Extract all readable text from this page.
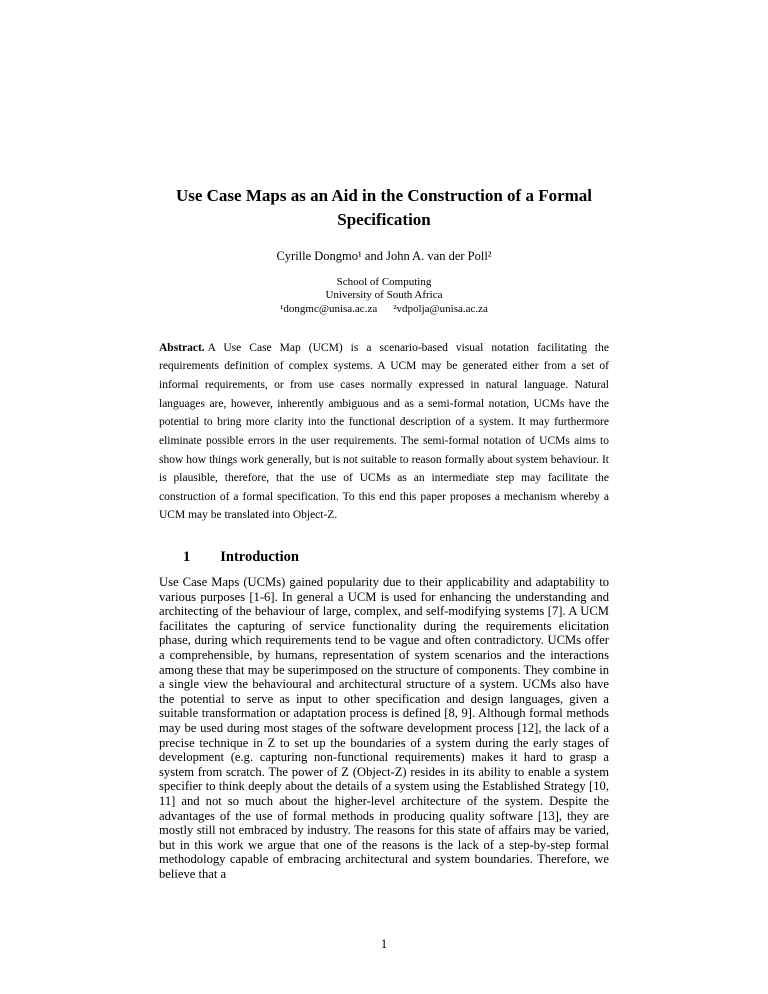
Use Case Maps as an Aid in the Construction of a Formal
Specification
Cyrille Dongmo¹ and John A. van der Poll²
School of Computing
University of South Africa
¹dongmc@unisa.ac.za ²vdpolja@unisa.ac.za

Abstract. A Use Case Map (UCM) is a scenario-based visual notation facilitating the requirements definition of complex systems. A UCM may be generated either from a set of informal requirements, or from use cases normally expressed in natural language. Natural languages are, however, inherently ambiguous and as a semi-formal notation, UCMs have the potential to bring more clarity into the functional description of a system. It may furthermore eliminate possible errors in the user requirements. The semi-formal notation of UCMs aims to show how things work generally, but is not suitable to reason formally about system behaviour. It is plausible, therefore, that the use of UCMs as an intermediate step may facilitate the construction of a formal specification. To this end this paper proposes a mechanism whereby a UCM may be translated into Object-Z.

1 Introduction

Use Case Maps (UCMs) gained popularity due to their applicability and adaptability to various purposes [1-6]. In general a UCM is used for enhancing the understanding and architecting of the behaviour of large, complex, and self-modifying systems [7]. A UCM facilitates the capturing of service functionality during the requirements elicitation phase, during which requirements tend to be vague and often contradictory. UCMs offer a comprehensible, by humans, representation of system scenarios and the interactions among these that may be superimposed on the structure of components. They combine in a single view the behavioural and architectural structure of a system. UCMs also have the potential to serve as input to other specification and design languages, given a suitable transformation or adaptation process is defined [8, 9]. Although formal methods may be used during most stages of the software development process [12], the lack of a precise technique in Z to set up the boundaries of a system during the early stages of development (e.g. capturing non-functional requirements) makes it hard to grasp a system from scratch. The power of Z (Object-Z) resides in its ability to enable a system specifier to think deeply about the details of a system using the Established Strategy [10, 11] and not so much about the higher-level architecture of the system. Despite the advantages of the use of formal methods in producing quality software [13], they are mostly still not embraced by industry. The reasons for this state of affairs may be varied, but in this work we argue that one of the reasons is the lack of a step-by-step formal methodology capable of embracing architectural and system boundaries. Therefore, we believe that a

1
